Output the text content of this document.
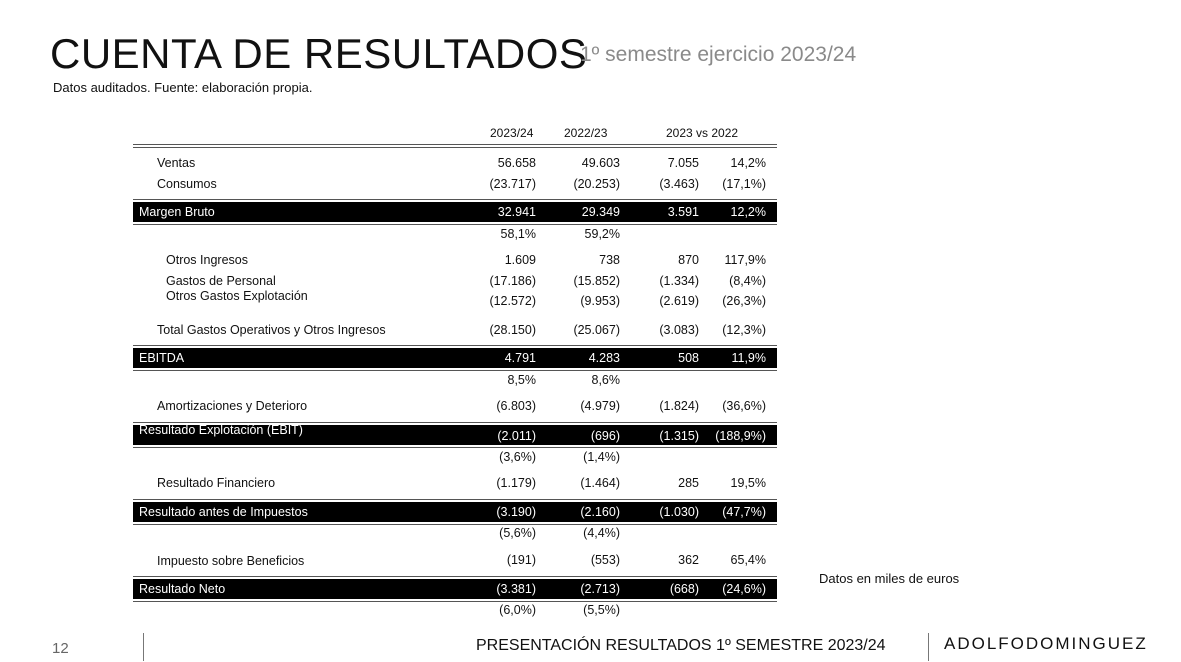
CUENTA DE RESULTADOS
1º semestre ejercicio 2023/24
Datos auditados. Fuente: elaboración propia.
2023/24	2022/23	2023 vs 2022
Ventas	56.658	49.603	7.055	14,2%
Consumos	(23.717)	(20.253)	(3.463) (17,1%)
Margen Bruto	32.941	29.349	3.591	12,2%
58,1%	59,2%
Otros Ingresos	1.609	738	870 117,9%
Gastos de Personal	(17.186)	(15.852)	(1.334) (8,4%)
Otros Gastos Explotación	(12.572)	(9.953)	(2.619) (26,3%)
Total Gastos Operativos y Otros Ingresos	(28.150)	(25.067)	(3.083) (12,3%)
EBITDA	4.791	4.283	508	11,9%
8,5%	8,6%
Amortizaciones y Deterioro	(6.803)	(4.979)	(1.824) (36,6%)
Resultado Explotación (EBIT)	(2.011)	(696)	(1.315) (188,9%)
(3,6%)	(1,4%)
Resultado Financiero	(1.179)	(1.464)	285	19,5%
Resultado antes de Impuestos	(3.190)	(2.160)	(1.030) (47,7%)
(5,6%)	(4,4%)
Impuesto sobre Beneficios	(191)	(553)	362	65,4%
Resultado Neto	(3.381)	(2.713)	(668) (24,6%)
(6,0%)	(5,5%)
Datos en miles de euros
12	PRESENTACIÓN RESULTADOS 1º SEMESTRE 2023/24	ADOLFODOMINGUEZ
